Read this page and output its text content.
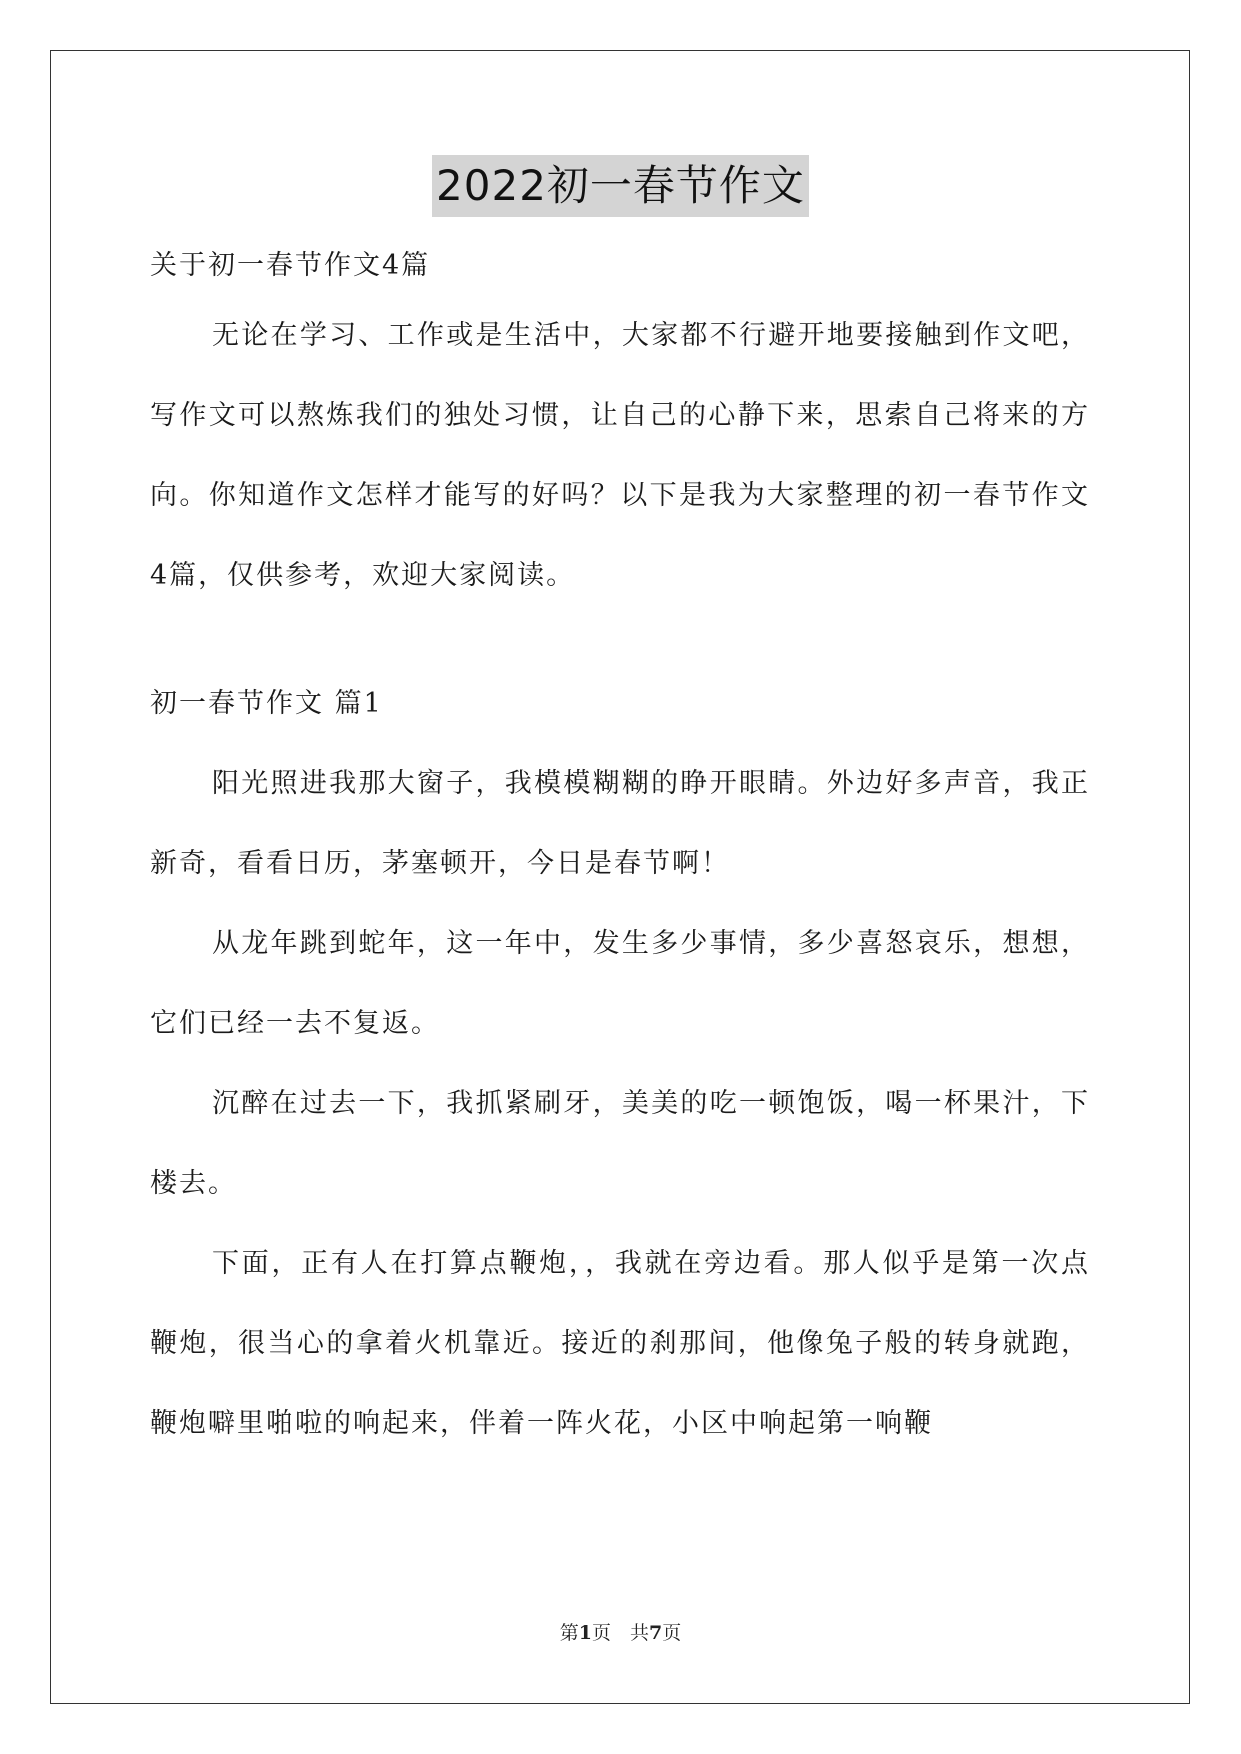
2022初一春节作文

关于初一春节作文4篇

无论在学习、工作或是生活中，大家都不行避开地要接触到作文吧，写作文可以熬炼我们的独处习惯，让自己的心静下来，思索自己将来的方向。你知道作文怎样才能写的好吗？以下是我为大家整理的初一春节作文4篇，仅供参考，欢迎大家阅读。

初一春节作文 篇1

阳光照进我那大窗子，我模模糊糊的睁开眼睛。外边好多声音，我正新奇，看看日历，茅塞顿开，今日是春节啊！

从龙年跳到蛇年，这一年中，发生多少事情，多少喜怒哀乐，想想，它们已经一去不复返。

沉醉在过去一下，我抓紧刷牙，美美的吃一顿饱饭，喝一杯果汁，下楼去。

下面，正有人在打算点鞭炮，，我就在旁边看。那人似乎是第一次点鞭炮，很当心的拿着火机靠近。接近的刹那间，他像兔子般的转身就跑，鞭炮噼里啪啦的响起来，伴着一阵火花，小区中响起第一响鞭

第1页　共7页
